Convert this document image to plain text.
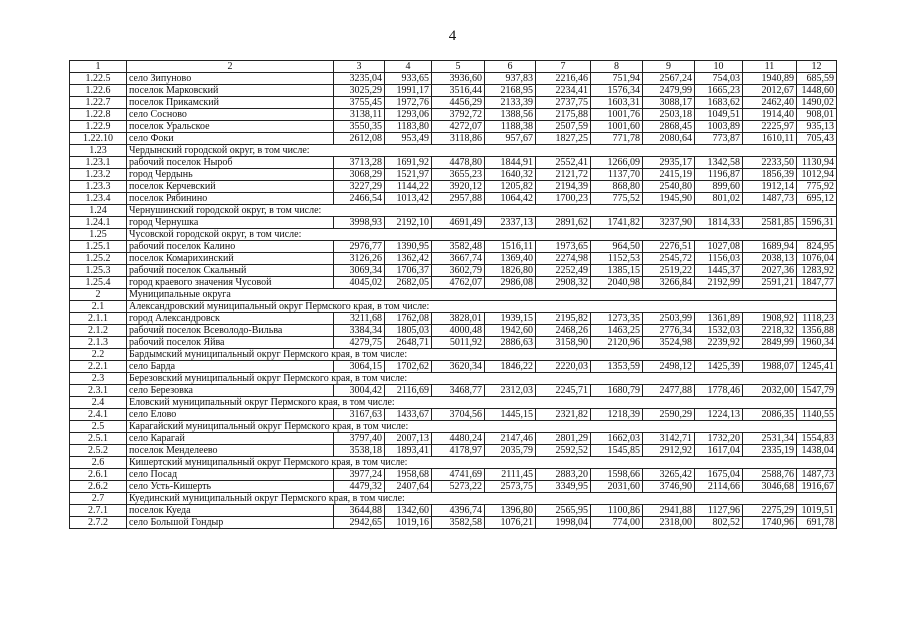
4
1	2	3	4	5	6	7	8	9	10	11	12
1.22.5	село Зипуново	3235,04	933,65	3936,60	937,83	2216,46	751,94	2567,24	754,03	1940,89	685,59
1.22.6	поселок Марковский	3025,29	1991,17	3516,44	2168,95	2234,41	1576,34	2479,99	1665,23	2012,67	1448,60
1.22.7	поселок Прикамский	3755,45	1972,76	4456,29	2133,39	2737,75	1603,31	3088,17	1683,62	2462,40	1490,02
1.22.8	село Сосново	3138,11	1293,06	3792,72	1388,56	2175,88	1001,76	2503,18	1049,51	1914,40	908,01
1.22.9	поселок Уральское	3550,35	1183,80	4272,07	1188,38	2507,59	1001,60	2868,45	1003,89	2225,97	935,13
1.22.10	село Фоки	2612,08	953,49	3118,86	957,67	1827,25	771,78	2080,64	773,87	1610,11	705,43
1.23	Чердынский городской округ, в том числе:										
1.23.1	рабочий поселок Ныроб	3713,28	1691,92	4478,80	1844,91	2552,41	1266,09	2935,17	1342,58	2233,50	1130,94
1.23.2	город Чердынь	3068,29	1521,97	3655,23	1640,32	2121,72	1137,70	2415,19	1196,87	1856,39	1012,94
1.23.3	поселок Керчевский	3227,29	1144,22	3920,12	1205,82	2194,39	868,80	2540,80	899,60	1912,14	775,92
1.23.4	поселок Рябинино	2466,54	1013,42	2957,88	1064,42	1700,23	775,52	1945,90	801,02	1487,73	695,12
1.24	Чернушинский городской округ, в том числе:										
1.24.1	город Чернушка	3998,93	2192,10	4691,49	2337,13	2891,62	1741,82	3237,90	1814,33	2581,85	1596,31
1.25	Чусовской городской округ, в том числе:										
1.25.1	рабочий поселок Калино	2976,77	1390,95	3582,48	1516,11	1973,65	964,50	2276,51	1027,08	1689,94	824,95
1.25.2	поселок Комарихинский	3126,26	1362,42	3667,74	1369,40	2274,98	1152,53	2545,72	1156,03	2038,13	1076,04
1.25.3	рабочий поселок Скальный	3069,34	1706,37	3602,79	1826,80	2252,49	1385,15	2519,22	1445,37	2027,36	1283,92
1.25.4	город краевого значения Чусовой	4045,02	2682,05	4762,07	2986,08	2908,32	2040,98	3266,84	2192,99	2591,21	1847,77
2	Муниципальные округа										
2.1	Александровский муниципальный округ Пермского края, в том числе:										
2.1.1	город Александровск	3211,68	1762,08	3828,01	1939,15	2195,82	1273,35	2503,99	1361,89	1908,92	1118,23
2.1.2	рабочий поселок Всеволодо-Вильва	3384,34	1805,03	4000,48	1942,60	2468,26	1463,25	2776,34	1532,03	2218,32	1356,88
2.1.3	рабочий поселок Яйва	4279,75	2648,71	5011,92	2886,63	3158,90	2120,96	3524,98	2239,92	2849,99	1960,34
2.2	Бардымский муниципальный округ Пермского края, в том числе:										
2.2.1	село Барда	3064,15	1702,62	3620,34	1846,22	2220,03	1353,59	2498,12	1425,39	1988,07	1245,41
2.3	Березовский муниципальный округ Пермского края, в том числе:										
2.3.1	село Березовка	3004,42	2116,69	3468,77	2312,03	2245,71	1680,79	2477,88	1778,46	2032,00	1547,79
2.4	Еловский муниципальный округ Пермского края, в том числе:										
2.4.1	село Елово	3167,63	1433,67	3704,56	1445,15	2321,82	1218,39	2590,29	1224,13	2086,35	1140,55
2.5	Карагайский муниципальный округ Пермского края, в том числе:										
2.5.1	село Карагай	3797,40	2007,13	4480,24	2147,46	2801,29	1662,03	3142,71	1732,20	2531,34	1554,83
2.5.2	поселок Менделеево	3538,18	1893,41	4178,97	2035,79	2592,52	1545,85	2912,92	1617,04	2335,19	1438,04
2.6	Кишертский муниципальный округ Пермского края, в том числе:										
2.6.1	село Посад	3977,24	1958,68	4741,69	2111,45	2883,20	1598,66	3265,42	1675,04	2588,76	1487,73
2.6.2	село Усть-Кишерть	4479,32	2407,64	5273,22	2573,75	3349,95	2031,60	3746,90	2114,66	3046,68	1916,67
2.7	Куединский муниципальный округ Пермского края, в том числе:										
2.7.1	поселок Куеда	3644,88	1342,60	4396,74	1396,80	2565,95	1100,86	2941,88	1127,96	2275,29	1019,51
2.7.2	село Большой Гондыр	2942,65	1019,16	3582,58	1076,21	1998,04	774,00	2318,00	802,52	1740,96	691,78
